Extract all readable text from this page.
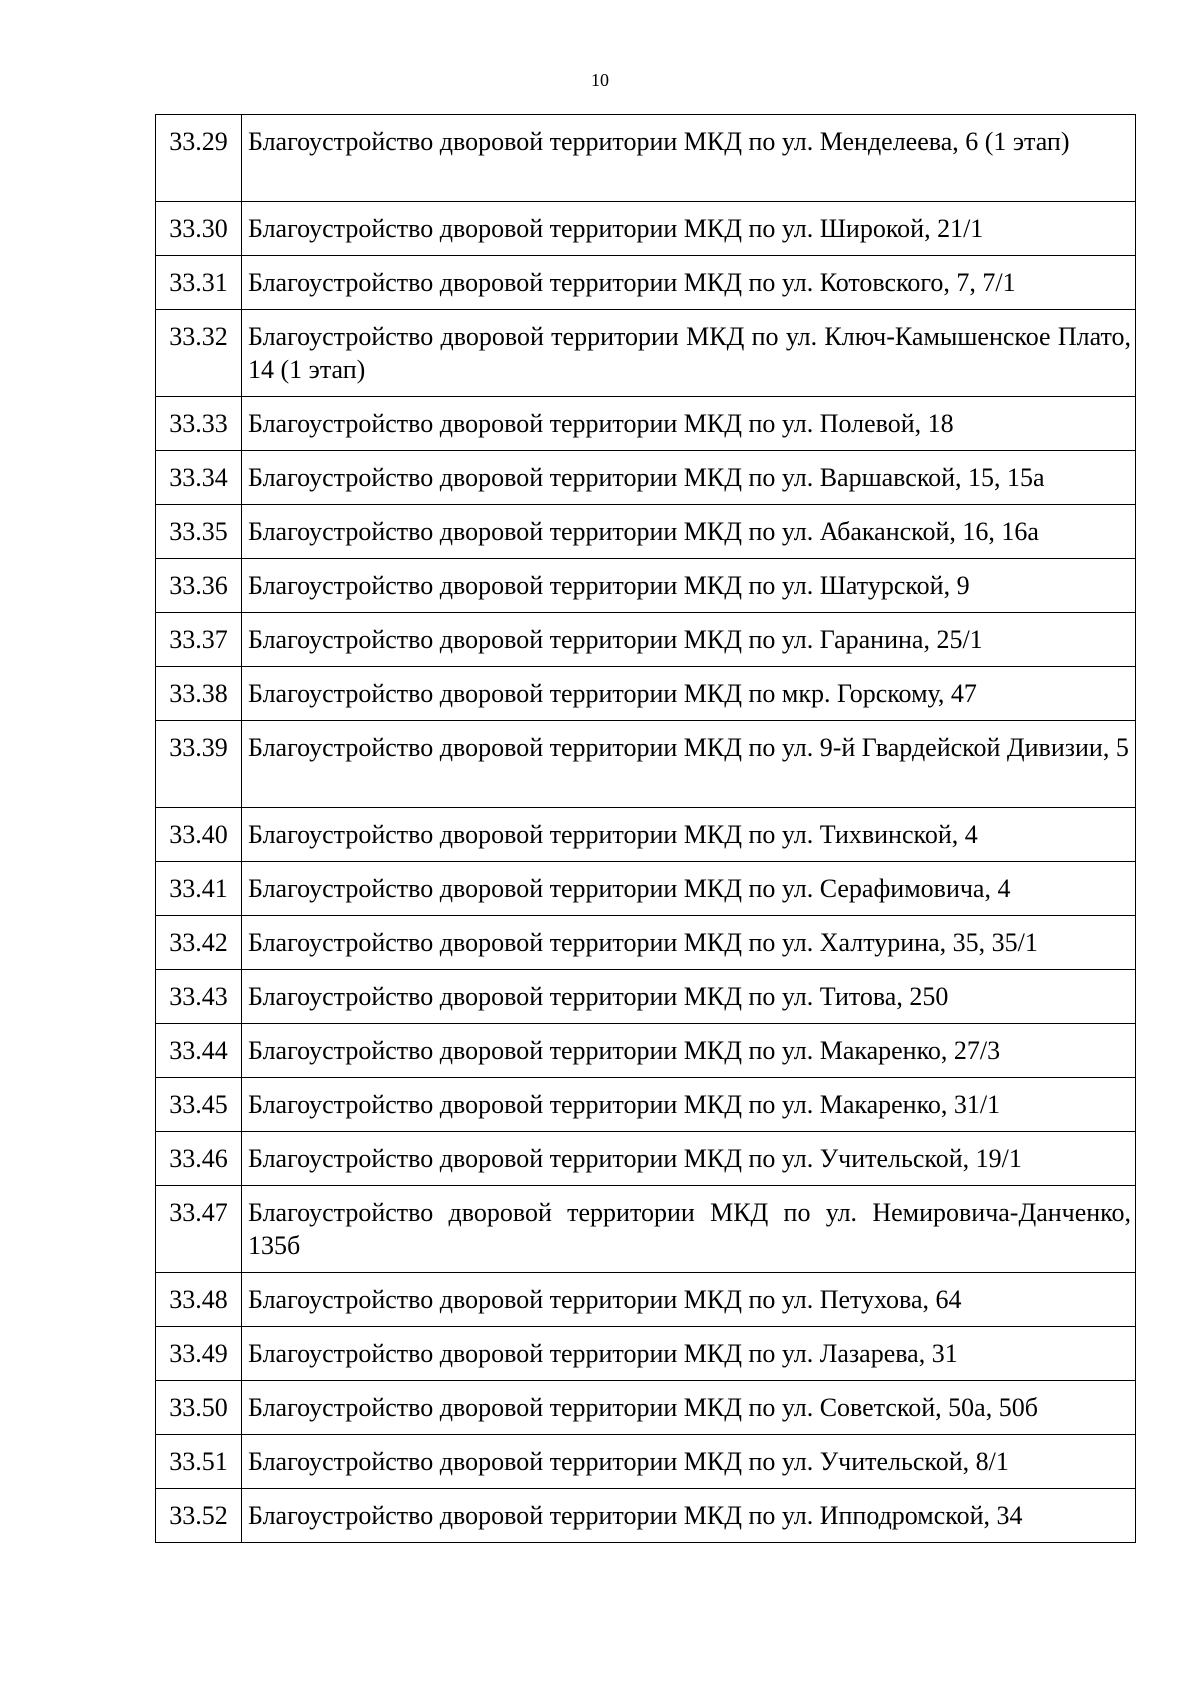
10
33.29	Благоустройство дворовой территории МКД по ул. Менделеева, 6 (1 этап)
33.30	Благоустройство дворовой территории МКД по ул. Широкой, 21/1
33.31	Благоустройство дворовой территории МКД по ул. Котовского, 7, 7/1
33.32	Благоустройство дворовой территории МКД по ул. Ключ-Камышенское Плато, 14 (1 этап)
33.33	Благоустройство дворовой территории МКД по ул. Полевой, 18
33.34	Благоустройство дворовой территории МКД по ул. Варшавской, 15, 15а
33.35	Благоустройство дворовой территории МКД по ул. Абаканской, 16, 16а
33.36	Благоустройство дворовой территории МКД по ул. Шатурской, 9
33.37	Благоустройство дворовой территории МКД по ул. Гаранина, 25/1
33.38	Благоустройство дворовой территории МКД по мкр. Горскому, 47
33.39	Благоустройство дворовой территории МКД по ул. 9-й Гвардейской Дивизии, 5
33.40	Благоустройство дворовой территории МКД по ул. Тихвинской, 4
33.41	Благоустройство дворовой территории МКД по ул. Серафимовича, 4
33.42	Благоустройство дворовой территории МКД по ул. Халтурина, 35, 35/1
33.43	Благоустройство дворовой территории МКД по ул. Титова, 250
33.44	Благоустройство дворовой территории МКД по ул. Макаренко, 27/3
33.45	Благоустройство дворовой территории МКД по ул. Макаренко, 31/1
33.46	Благоустройство дворовой территории МКД по ул. Учительской, 19/1
33.47	Благоустройство дворовой территории МКД по ул. Немировича-Данченко, 135б
33.48	Благоустройство дворовой территории МКД по ул. Петухова, 64
33.49	Благоустройство дворовой территории МКД по ул. Лазарева, 31
33.50	Благоустройство дворовой территории МКД по ул. Советской, 50а, 50б
33.51	Благоустройство дворовой территории МКД по ул. Учительской, 8/1
33.52	Благоустройство дворовой территории МКД по ул. Ипподромской, 34
